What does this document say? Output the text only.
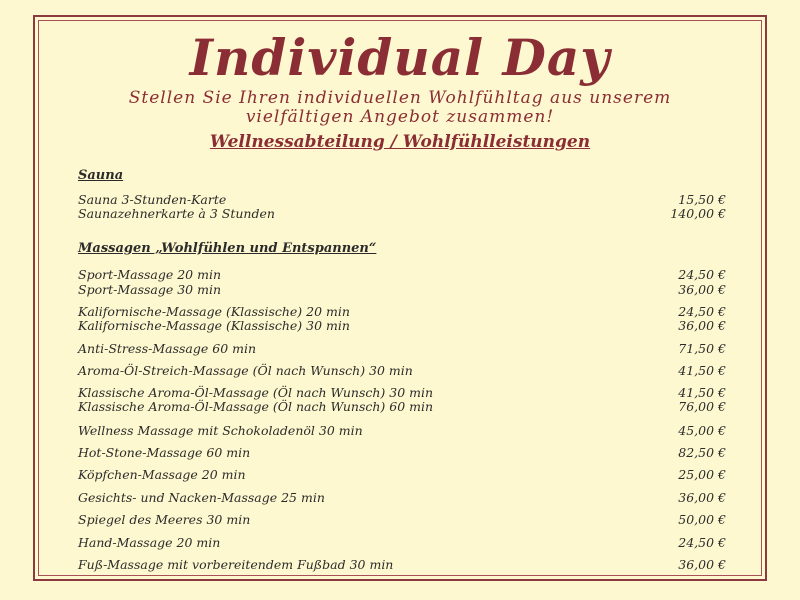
Individual Day
Stellen Sie Ihren individuellen Wohlfühltag aus unserem
vielfältigen Angebot zusammen!
Wellnessabteilung / Wohlfühlleistungen
Sauna
Sauna 3-Stunden-Karte	15,50 €
Saunazehnerkarte à 3 Stunden	140,00 €
Massagen „Wohlfühlen und Entspannen“
Sport-Massage 20 min	24,50 €
Sport-Massage 30 min	36,00 €
Kalifornische-Massage (Klassische) 20 min	24,50 €
Kalifornische-Massage (Klassische) 30 min	36,00 €
Anti-Stress-Massage 60 min	71,50 €
Aroma-Öl-Streich-Massage (Öl nach Wunsch) 30 min	41,50 €
Klassische Aroma-Öl-Massage (Öl nach Wunsch) 30 min	41,50 €
Klassische Aroma-Öl-Massage (Öl nach Wunsch) 60 min	76,00 €
Wellness Massage mit Schokoladenöl 30 min	45,00 €
Hot-Stone-Massage 60 min	82,50 €
Köpfchen-Massage 20 min	25,00 €
Gesichts- und Nacken-Massage 25 min	36,00 €
Spiegel des Meeres 30 min	50,00 €
Hand-Massage 20 min	24,50 €
Fuß-Massage mit vorbereitendem Fußbad 30 min	36,00 €
